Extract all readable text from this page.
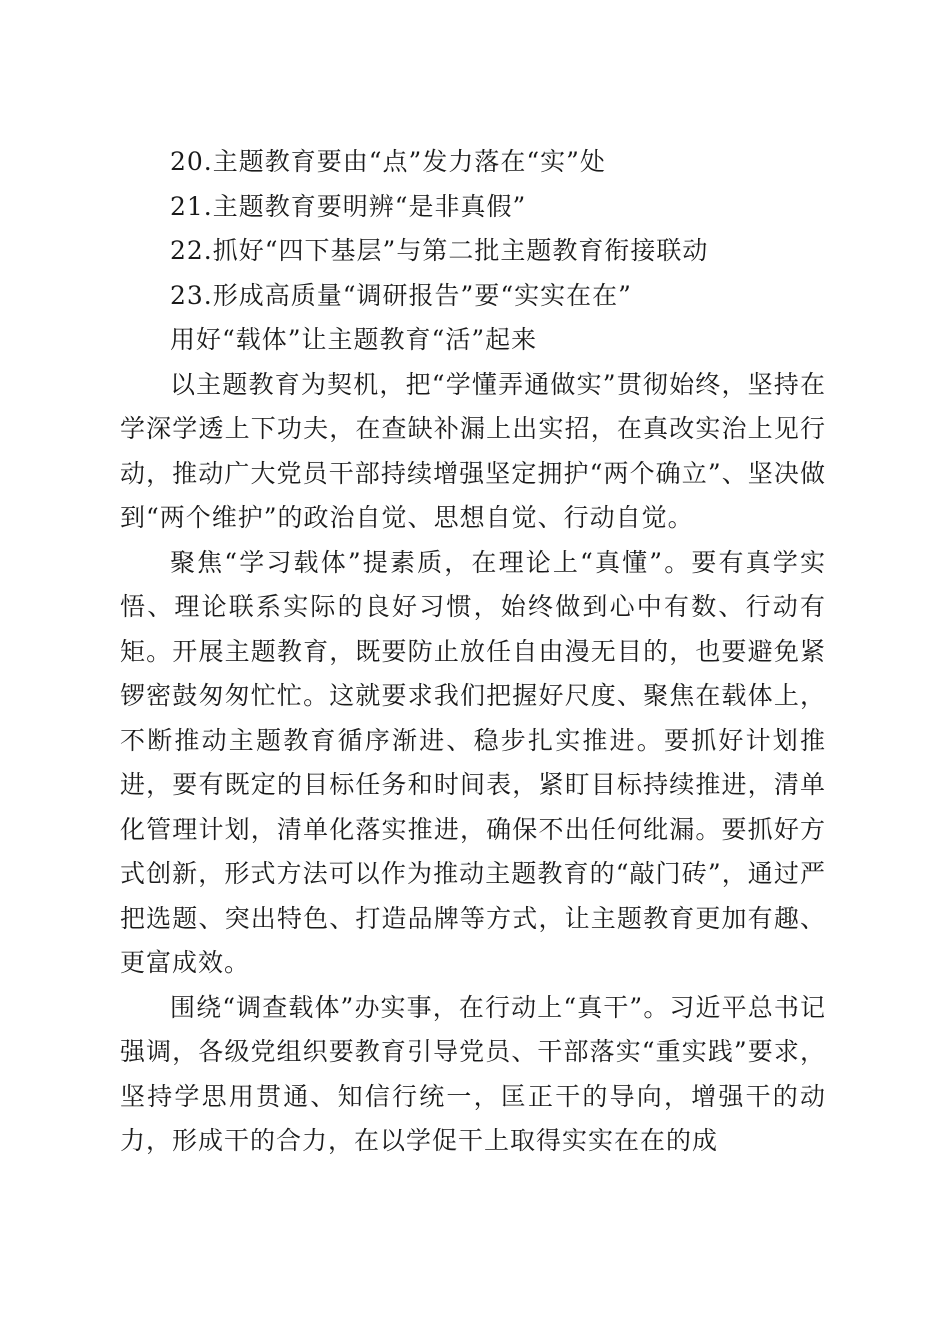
20.主题教育要由“点”发力落在“实”处

21.主题教育要明辨“是非真假”

22.抓好“四下基层”与第二批主题教育衔接联动

23.形成高质量“调研报告”要“实实在在”

用好“载体”让主题教育“活”起来

以主题教育为契机，把“学懂弄通做实”贯彻始终，坚持在学深学透上下功夫，在查缺补漏上出实招，在真改实治上见行动，推动广大党员干部持续增强坚定拥护“两个确立”、坚决做到“两个维护”的政治自觉、思想自觉、行动自觉。

聚焦“学习载体”提素质，在理论上“真懂”。要有真学实悟、理论联系实际的良好习惯，始终做到心中有数、行动有矩。开展主题教育，既要防止放任自由漫无目的，也要避免紧锣密鼓匆匆忙忙。这就要求我们把握好尺度、聚焦在载体上，不断推动主题教育循序渐进、稳步扎实推进。要抓好计划推进，要有既定的目标任务和时间表，紧盯目标持续推进，清单化管理计划，清单化落实推进，确保不出任何纰漏。要抓好方式创新，形式方法可以作为推动主题教育的“敲门砖”，通过严把选题、突出特色、打造品牌等方式，让主题教育更加有趣、更富成效。

围绕“调查载体”办实事，在行动上“真干”。习近平总书记强调，各级党组织要教育引导党员、干部落实“重实践”要求，坚持学思用贯通、知信行统一，匡正干的导向，增强干的动力，形成干的合力，在以学促干上取得实实在在的成
